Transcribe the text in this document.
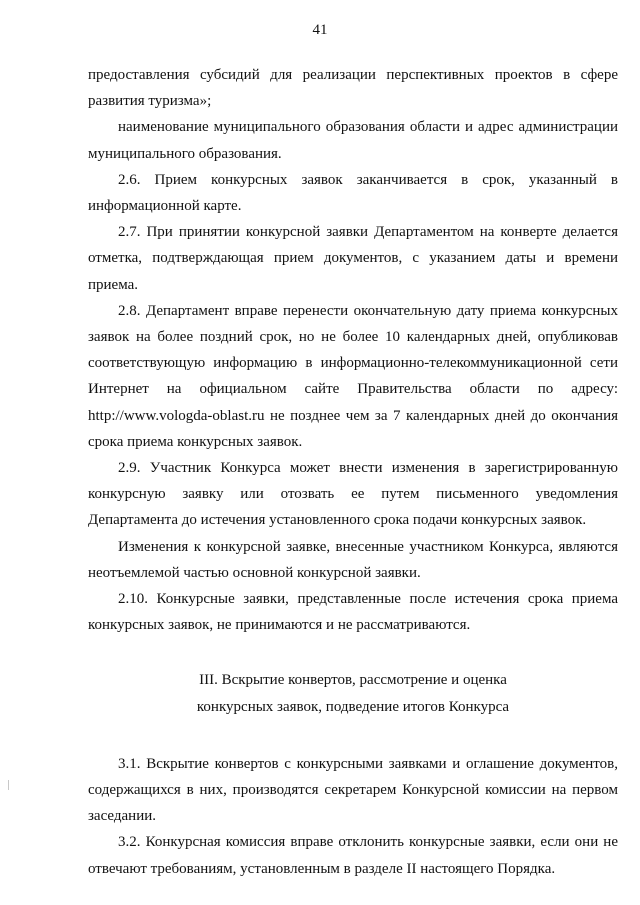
41

предоставления субсидий для реализации перспективных проектов в сфере развития туризма»;

наименование муниципального образования области и адрес администрации муниципального образования.

2.6. Прием конкурсных заявок заканчивается в срок, указанный в информационной карте.

2.7. При принятии конкурсной заявки Департаментом на конверте делается отметка, подтверждающая прием документов, с указанием даты и времени приема.

2.8. Департамент вправе перенести окончательную дату приема конкурсных заявок на более поздний срок, но не более 10 календарных дней, опубликовав соответствующую информацию в информационно-телекоммуникационной сети Интернет на официальном сайте Правительства области по адресу: http://www.vologda-oblast.ru не позднее чем за 7 календарных дней до окончания срока приема конкурсных заявок.

2.9. Участник Конкурса может внести изменения в зарегистрированную конкурсную заявку или отозвать ее путем письменного уведомления Департамента до истечения установленного срока подачи конкурсных заявок.

Изменения к конкурсной заявке, внесенные участником Конкурса, являются неотъемлемой частью основной конкурсной заявки.

2.10. Конкурсные заявки, представленные после истечения срока приема конкурсных заявок, не принимаются и не рассматриваются.

III. Вскрытие конвертов, рассмотрение и оценка
конкурсных заявок, подведение итогов Конкурса

3.1. Вскрытие конвертов с конкурсными заявками и оглашение документов, содержащихся в них, производятся секретарем Конкурсной комиссии на первом заседании.

3.2. Конкурсная комиссия вправе отклонить конкурсные заявки, если они не отвечают требованиям, установленным в разделе II настоящего Порядка.
